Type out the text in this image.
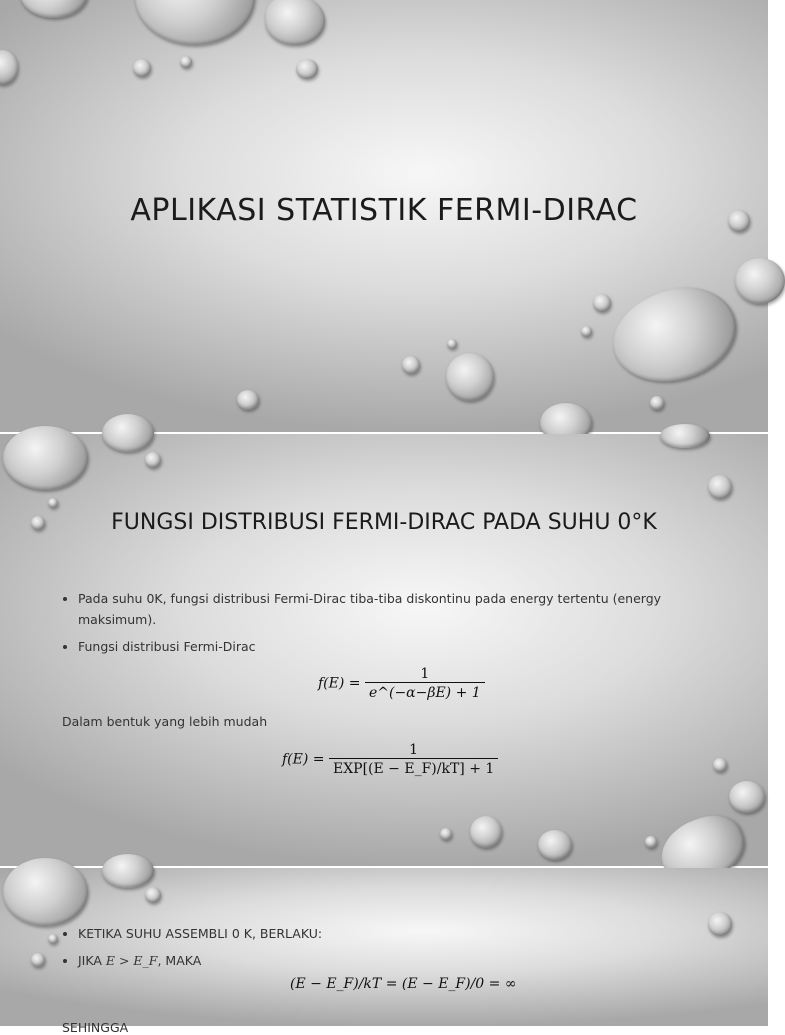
APLIKASI STATISTIK FERMI-DIRAC
FUNGSI DISTRIBUSI FERMI-DIRAC PADA SUHU 0°K
• Pada suhu 0K, fungsi distribusi Fermi-Dirac tiba-tiba diskontinu pada energy tertentu (energy maksimum).
• Fungsi distribusi Fermi-Dirac
$f(E) = \frac{1}{e\^{}(-\alpha-\beta E) + 1}$
Dalam bentuk yang lebih mudah
$f(E) = \frac{1}{\text{EXP[(E − E\_F)/kT] + 1}}$
• KETIKA SUHU ASSEMBLI 0 K, BERLAKU:
• JIKA E > E_F, MAKA
(E − E_F)/kT = (E − E_F)/0 = ∞
SEHINGGA
